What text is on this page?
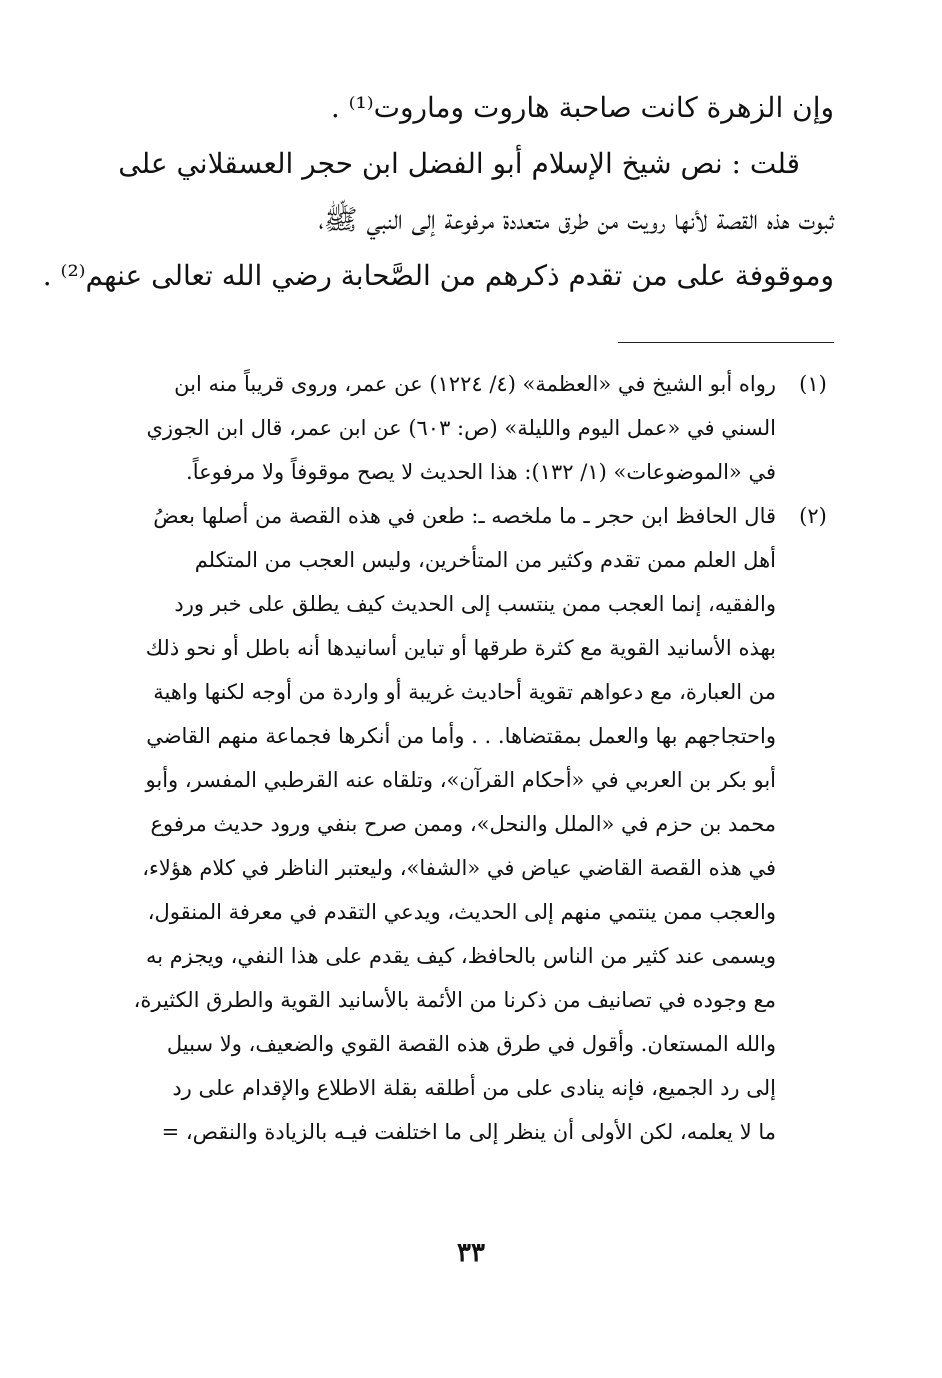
وإن الزهرة كانت صاحبة هاروت وماروت⁽¹⁾ .
قلت : نص شيخ الإسلام أبو الفضل ابن حجر العسقلاني على
ثبوت هذه القصة لأنها رويت من طرق متعددة مرفوعة إلى النبي ﷺ،
وموقوفة على من تقدم ذكرهم من الصَّحابة رضي الله تعالى عنهم⁽²⁾ .
(١)
رواه أبو الشيخ في «العظمة» (٤/ ١٢٢٤) عن عمر، وروى قريباً منه ابن
السني في «عمل اليوم والليلة» (ص: ٦٠٣) عن ابن عمر، قال ابن الجوزي
في «الموضوعات» (١/ ١٣٢): هذا الحديث لا يصح موقوفاً ولا مرفوعاً.
(٢)
قال الحافظ ابن حجر ـ ما ملخصه ـ: طعن في هذه القصة من أصلها بعضُ
أهل العلم ممن تقدم وكثير من المتأخرين، وليس العجب من المتكلم
والفقيه، إنما العجب ممن ينتسب إلى الحديث كيف يطلق على خبر ورد
بهذه الأسانيد القوية مع كثرة طرقها أو تباين أسانيدها أنه باطل أو نحو ذلك
من العبارة، مع دعواهم تقوية أحاديث غريبة أو واردة من أوجه لكنها واهية
واحتجاجهم بها والعمل بمقتضاها. . . وأما من أنكرها فجماعة منهم القاضي
أبو بكر بن العربي في «أحكام القرآن»، وتلقاه عنه القرطبي المفسر، وأبو
محمد بن حزم في «الملل والنحل»، وممن صرح بنفي ورود حديث مرفوع
في هذه القصة القاضي عياض في «الشفا»، وليعتبر الناظر في كلام هؤلاء،
والعجب ممن ينتمي منهم إلى الحديث، ويدعي التقدم في معرفة المنقول،
ويسمى عند كثير من الناس بالحافظ، كيف يقدم على هذا النفي، ويجزم به
مع وجوده في تصانيف من ذكرنا من الأئمة بالأسانيد القوية والطرق الكثيرة،
والله المستعان. وأقول في طرق هذه القصة القوي والضعيف، ولا سبيل
إلى رد الجميع، فإنه ينادى على من أطلقه بقلة الاطلاع والإقدام على رد
ما لا يعلمه، لكن الأولى أن ينظر إلى ما اختلفت فيـه بالزيادة والنقص، =
٣٣
